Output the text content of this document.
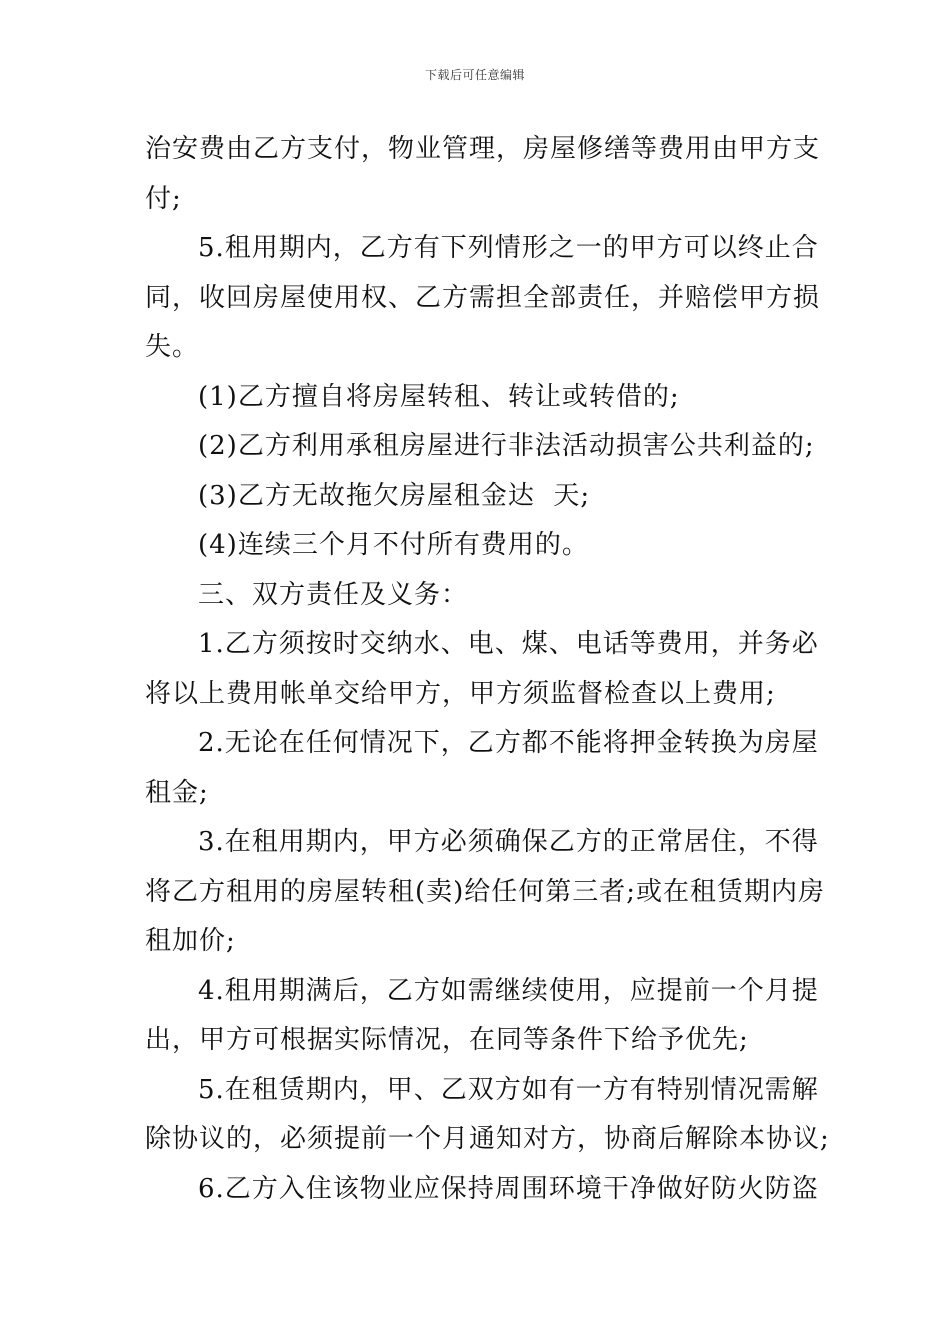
下载后可任意编辑
治安费由乙方支付，物业管理，房屋修缮等费用由甲方支
付;
5.租用期内，乙方有下列情形之一的甲方可以终止合
同，收回房屋使用权、乙方需担全部责任，并赔偿甲方损
失。
(1)乙方擅自将房屋转租、转让或转借的;
(2)乙方利用承租房屋进行非法活动损害公共利益的;
(3)乙方无故拖欠房屋租金达  天;
(4)连续三个月不付所有费用的。
三、双方责任及义务：
1.乙方须按时交纳水、电、煤、电话等费用，并务必
将以上费用帐单交给甲方，甲方须监督检查以上费用;
2.无论在任何情况下，乙方都不能将押金转换为房屋
租金;
3.在租用期内，甲方必须确保乙方的正常居住，不得
将乙方租用的房屋转租(卖)给任何第三者;或在租赁期内房
租加价;
4.租用期满后，乙方如需继续使用，应提前一个月提
出，甲方可根据实际情况，在同等条件下给予优先;
5.在租赁期内，甲、乙双方如有一方有特别情况需解
除协议的，必须提前一个月通知对方，协商后解除本协议;
6.乙方入住该物业应保持周围环境干净做好防火防盗
